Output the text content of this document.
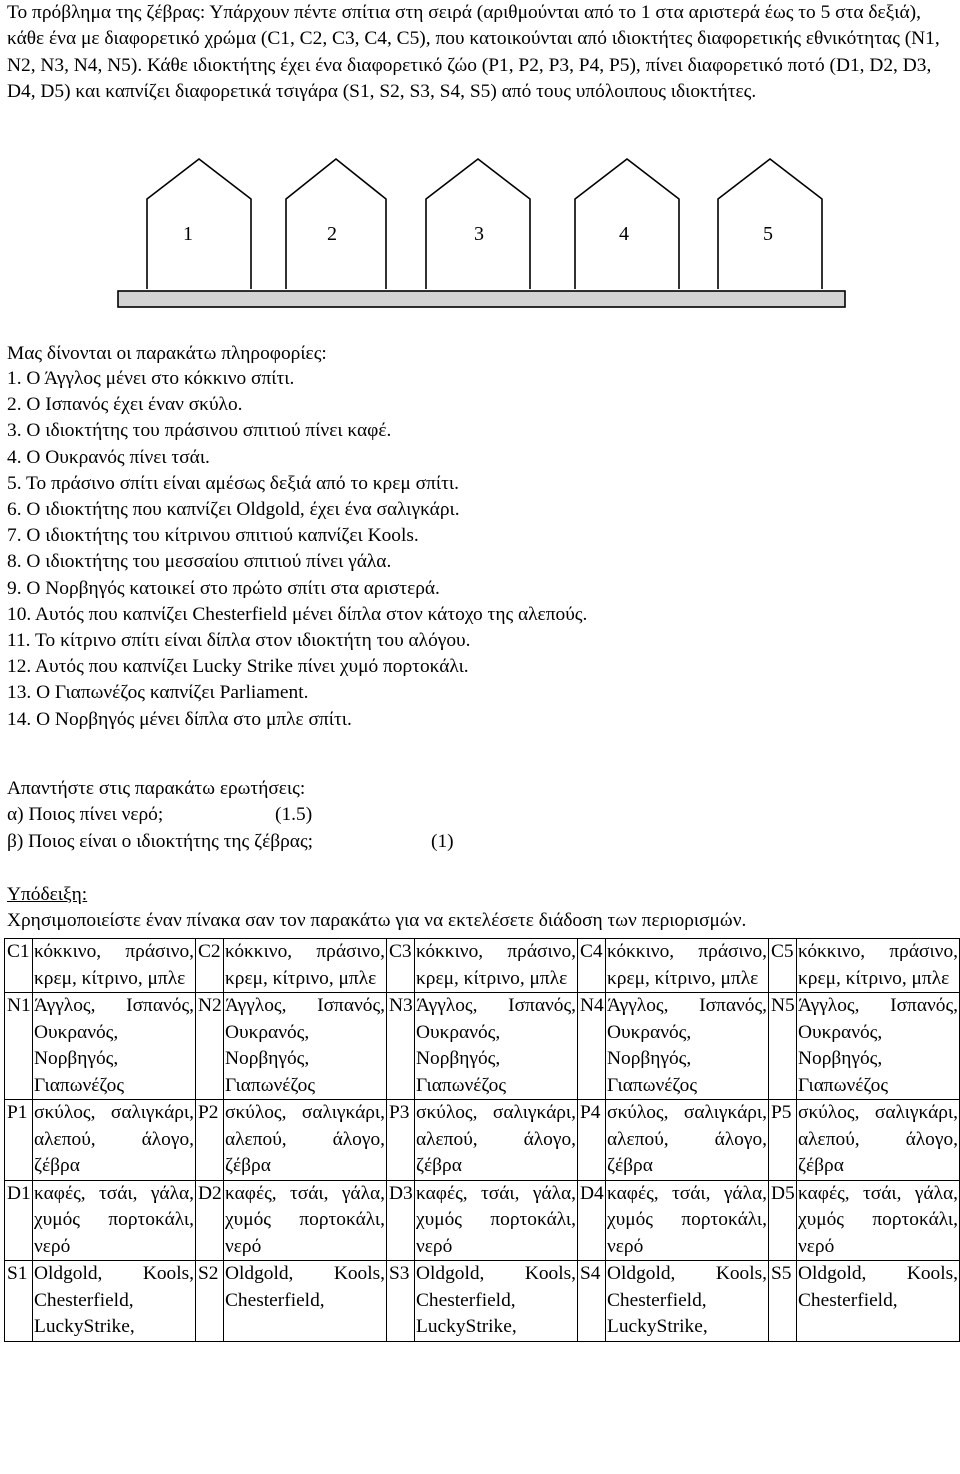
Το πρόβλημα της ζέβρας: Υπάρχουν πέντε σπίτια στη σειρά (αριθμούνται από το 1 στα αριστερά έως το 5 στα δεξιά), κάθε ένα με διαφορετικό χρώμα (C1, C2, C3, C4, C5), που κατοικούνται από ιδιοκτήτες διαφορετικής εθνικότητας (N1, N2, N3, N4, N5). Κάθε ιδιοκτήτης έχει ένα διαφορετικό ζώο (P1, P2, P3, P4, P5), πίνει διαφορετικό ποτό (D1, D2, D3, D4, D5) και καπνίζει διαφορετικά τσιγάρα (S1, S2, S3, S4, S5) από τους υπόλοιπους ιδιοκτήτες.
1	2	3	4	5
Μας δίνονται οι παρακάτω πληροφορίες:
1. Ο Άγγλος μένει στο κόκκινο σπίτι.
2. Ο Ισπανός έχει έναν σκύλο.
3. Ο ιδιοκτήτης του πράσινου σπιτιού πίνει καφέ.
4. Ο Ουκρανός πίνει τσάι.
5. Το πράσινο σπίτι είναι αμέσως δεξιά από το κρεμ σπίτι.
6. Ο ιδιοκτήτης που καπνίζει Oldgold, έχει ένα σαλιγκάρι.
7. Ο ιδιοκτήτης του κίτρινου σπιτιού καπνίζει Kools.
8. Ο ιδιοκτήτης του μεσσαίου σπιτιού πίνει γάλα.
9. Ο Νορβηγός κατοικεί στο πρώτο σπίτι στα αριστερά.
10. Αυτός που καπνίζει Chesterfield μένει δίπλα στον κάτοχο της αλεπούς.
11. Το κίτρινο σπίτι είναι δίπλα στον ιδιοκτήτη του αλόγου.
12. Αυτός που καπνίζει Lucky Strike πίνει χυμό πορτοκάλι.
13. Ο Γιαπωνέζος καπνίζει Parliament.
14. Ο Νορβηγός μένει δίπλα στο μπλε σπίτι.
Απαντήστε στις παρακάτω ερωτήσεις:
α) Ποιος πίνει νερό;	(1.5)
β) Ποιος είναι ο ιδιοκτήτης της ζέβρας;	(1)
Υπόδειξη:
Χρησιμοποιείστε έναν πίνακα σαν τον παρακάτω για να εκτελέσετε διάδοση των περιορισμών.
C1	κόκκινο, πράσινο, κρεμ, κίτρινο, μπλε	C2	κόκκινο, πράσινο, κρεμ, κίτρινο, μπλε	C3	κόκκινο, πράσινο, κρεμ, κίτρινο, μπλε	C4	κόκκινο, πράσινο, κρεμ, κίτρινο, μπλε	C5	κόκκινο, πράσινο, κρεμ, κίτρινο, μπλε
N1	Άγγλος, Ισπανός, Ουκρανός, Νορβηγός, Γιαπωνέζος	N2	Άγγλος, Ισπανός, Ουκρανός, Νορβηγός, Γιαπωνέζος	N3	Άγγλος, Ισπανός, Ουκρανός, Νορβηγός, Γιαπωνέζος	N4	Άγγλος, Ισπανός, Ουκρανός, Νορβηγός, Γιαπωνέζος	N5	Άγγλος, Ισπανός, Ουκρανός, Νορβηγός, Γιαπωνέζος
P1	σκύλος, σαλιγκάρι, αλεπού, άλογο, ζέβρα	P2	σκύλος, σαλιγκάρι, αλεπού, άλογο, ζέβρα	P3	σκύλος, σαλιγκάρι, αλεπού, άλογο, ζέβρα	P4	σκύλος, σαλιγκάρι, αλεπού, άλογο, ζέβρα	P5	σκύλος, σαλιγκάρι, αλεπού, άλογο, ζέβρα
D1	καφές, τσάι, γάλα, χυμός πορτοκάλι, νερό	D2	καφές, τσάι, γάλα, χυμός πορτοκάλι, νερό	D3	καφές, τσάι, γάλα, χυμός πορτοκάλι, νερό	D4	καφές, τσάι, γάλα, χυμός πορτοκάλι, νερό	D5	καφές, τσάι, γάλα, χυμός πορτοκάλι, νερό
S1	Oldgold, Kools, Chesterfield, LuckyStrike,	S2	Oldgold, Kools, Chesterfield,	S3	Oldgold, Kools, Chesterfield, LuckyStrike,	S4	Oldgold, Kools, Chesterfield, LuckyStrike,	S5	Oldgold, Kools, Chesterfield,
